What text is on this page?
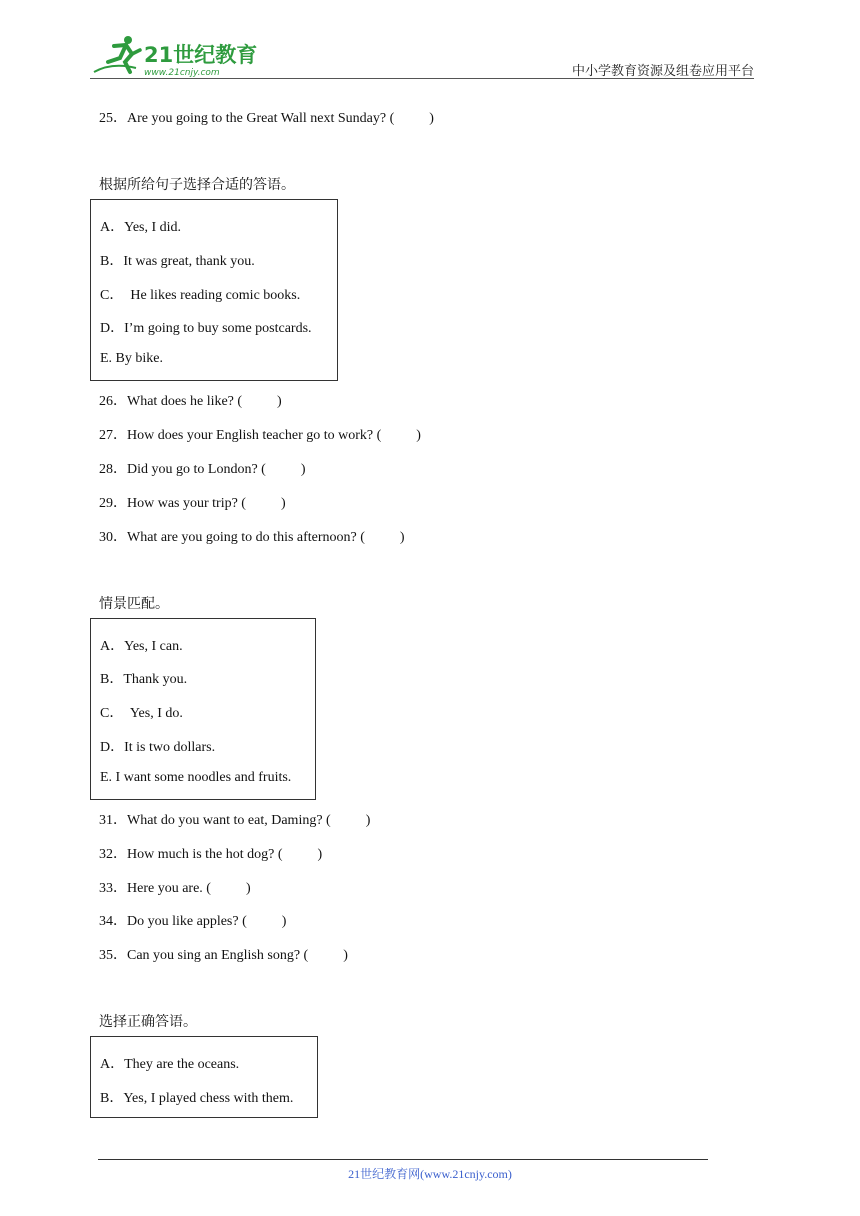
21世纪教育
www.21cnjy.com	中小学教育资源及组卷应用平台
25．Are you going to the Great Wall next Sunday? (          )
根据所给句子选择合适的答语。
A．Yes, I did.
B．It was great, thank you.
C．  He likes reading comic books.
D．I’m going to buy some postcards.
E. By bike.
26．What does he like? (          )
27．How does your English teacher go to work? (          )
28．Did you go to London? (          )
29．How was your trip? (          )
30．What are you going to do this afternoon? (          )
情景匹配。
A．Yes, I can.
B．Thank you.
C．  Yes, I do.
D．It is two dollars.
E. I want some noodles and fruits.
31．What do you want to eat, Daming? (          )
32．How much is the hot dog? (          )
33．Here you are. (          )
34．Do you like apples? (          )
35．Can you sing an English song? (          )
选择正确答语。
A．They are the oceans.
B．Yes, I played chess with them.
21世纪教育网(www.21cnjy.com)
